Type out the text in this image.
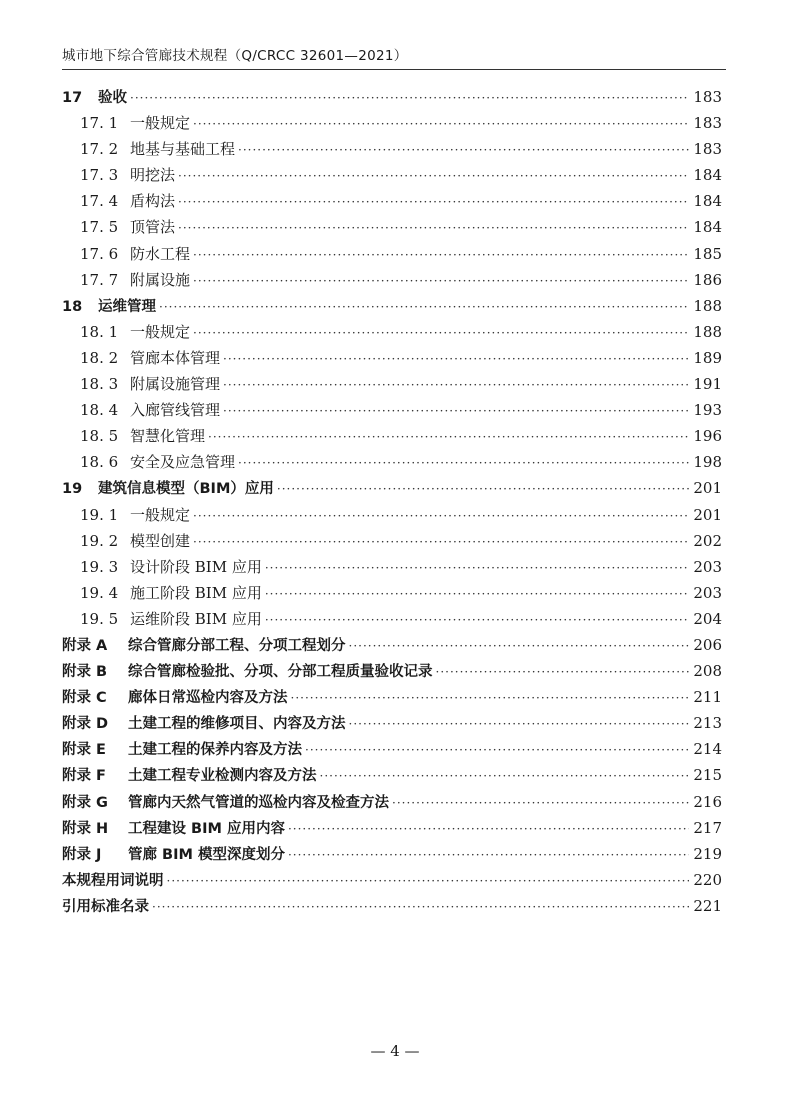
城市地下综合管廊技术规程（Q/CRCC 32601—2021）
17	验收 ·····	183
17. 1 一般规定 ·····	183
17. 2 地基与基础工程 ·····	183
17. 3 明挖法 ·····	184
17. 4 盾构法 ·····	184
17. 5 顶管法 ·····	184
17. 6 防水工程 ·····	185
17. 7 附属设施 ·····	186
18	运维管理 ·····	188
18. 1 一般规定 ·····	188
18. 2 管廊本体管理 ·····	189
18. 3 附属设施管理 ·····	191
18. 4 入廊管线管理 ·····	193
18. 5 智慧化管理 ·····	196
18. 6 安全及应急管理 ·····	198
19	建筑信息模型（BIM）应用 ·····	201
19. 1 一般规定 ·····	201
19. 2 模型创建 ·····	202
19. 3 设计阶段 BIM 应用 ·····	203
19. 4 施工阶段 BIM 应用 ·····	203
19. 5 运维阶段 BIM 应用 ·····	204
附录 A	综合管廊分部工程、分项工程划分 ·····	206
附录 B	综合管廊检验批、分项、分部工程质量验收记录 ·····	208
附录 C	廊体日常巡检内容及方法 ·····	211
附录 D	土建工程的维修项目、内容及方法 ·····	213
附录 E	土建工程的保养内容及方法 ·····	214
附录 F	土建工程专业检测内容及方法 ·····	215
附录 G	管廊内天然气管道的巡检内容及检查方法 ·····	216
附录 H	工程建设 BIM 应用内容 ·····	217
附录 J	管廊 BIM 模型深度划分 ·····	219
本规程用词说明 ·····	220
引用标准名录 ·····	221
— 4 —
